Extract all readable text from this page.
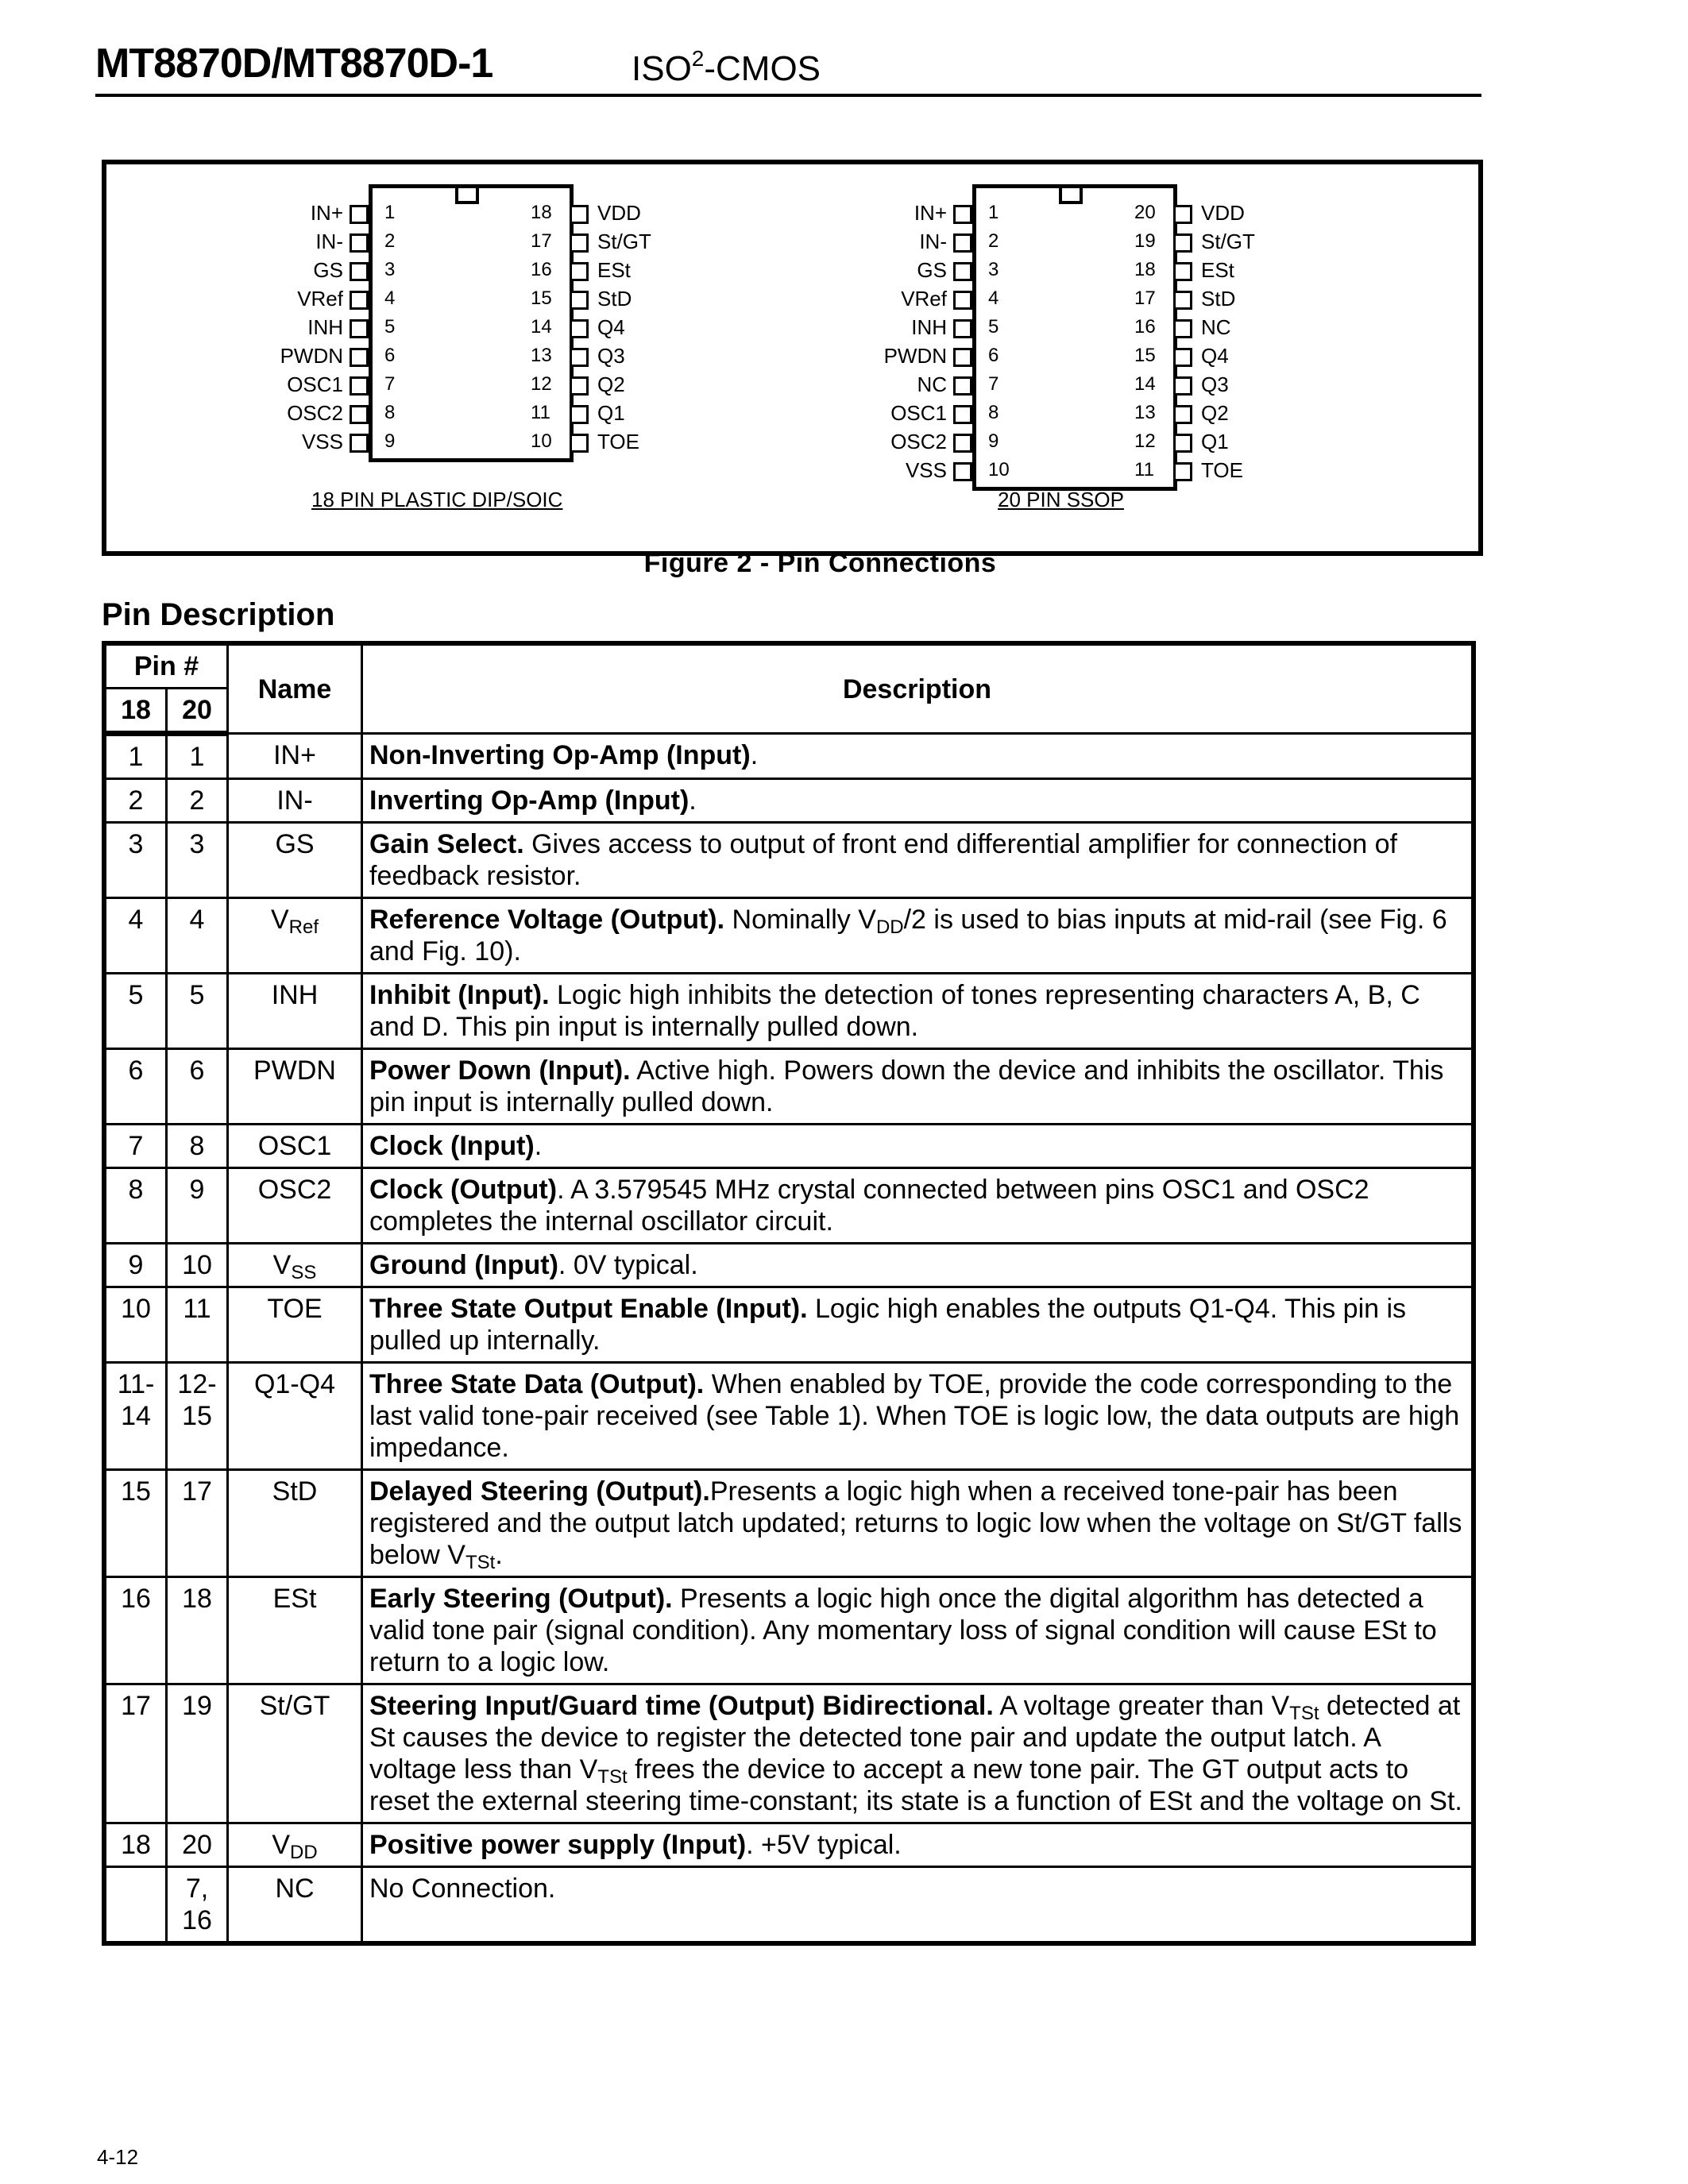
MT8870D/MT8870D-1	ISO$^2$-CMOS
IN+ 1
IN- 2
GS 3
VRef 4
INH 5
PWDN 6
OSC1 7
OSC2 8
VSS 9
18 VDD
17 St/GT
16 ESt
15 StD
14 Q4
13 Q3
12 Q2
11 Q1
10 TOE
18 PIN PLASTIC DIP/SOIC
IN+ 1
IN- 2
GS 3
VRef 4
INH 5
PWDN 6
NC 7
OSC1 8
OSC2 9
VSS 10
20 VDD
19 St/GT
18 ESt
17 StD
16 NC
15 Q4
14 Q3
13 Q2
12 Q1
11 TOE
20 PIN SSOP
Figure 2 - Pin Connections
Pin Description
Pin #		Name	Description
18	20		
1	1	IN+	Non-Inverting Op-Amp (Input).
2	2	IN-	Inverting Op-Amp (Input).
3	3	GS	Gain Select. Gives access to output of front end differential amplifier for connection of feedback resistor.
4	4	$V_{Ref}$	Reference Voltage (Output). Nominally $V_{DD}/2$ is used to bias inputs at mid-rail (see Fig. 6 and Fig. 10).
5	5	INH	Inhibit (Input). Logic high inhibits the detection of tones representing characters A, B, C and D. This pin input is internally pulled down.
6	6	PWDN	Power Down (Input). Active high. Powers down the device and inhibits the oscillator. This pin input is internally pulled down.
7	8	OSC1	Clock (Input).
8	9	OSC2	Clock (Output). A 3.579545 MHz crystal connected between pins OSC1 and OSC2 completes the internal oscillator circuit.
9	10	$V_{SS}$	Ground (Input). 0V typical.
10	11	TOE	Three State Output Enable (Input). Logic high enables the outputs Q1-Q4. This pin is pulled up internally.
11-14	12-15	Q1-Q4	Three State Data (Output). When enabled by TOE, provide the code corresponding to the last valid tone-pair received (see Table 1). When TOE is logic low, the data outputs are high impedance.
15	17	StD	Delayed Steering (Output).Presents a logic high when a received tone-pair has been registered and the output latch updated; returns to logic low when the voltage on St/GT falls below $V_{TSt}$.
16	18	ESt	Early Steering (Output). Presents a logic high once the digital algorithm has detected a valid tone pair (signal condition). Any momentary loss of signal condition will cause ESt to return to a logic low.
17	19	St/GT	Steering Input/Guard time (Output) Bidirectional. A voltage greater than $V_{TSt}$ detected at St causes the device to register the detected tone pair and update the output latch. A voltage less than $V_{TSt}$ frees the device to accept a new tone pair. The GT output acts to reset the external steering time-constant; its state is a function of ESt and the voltage on St.
18	20	$V_{DD}$	Positive power supply (Input). +5V typical.
	7, 16	NC	No Connection.
4-12
